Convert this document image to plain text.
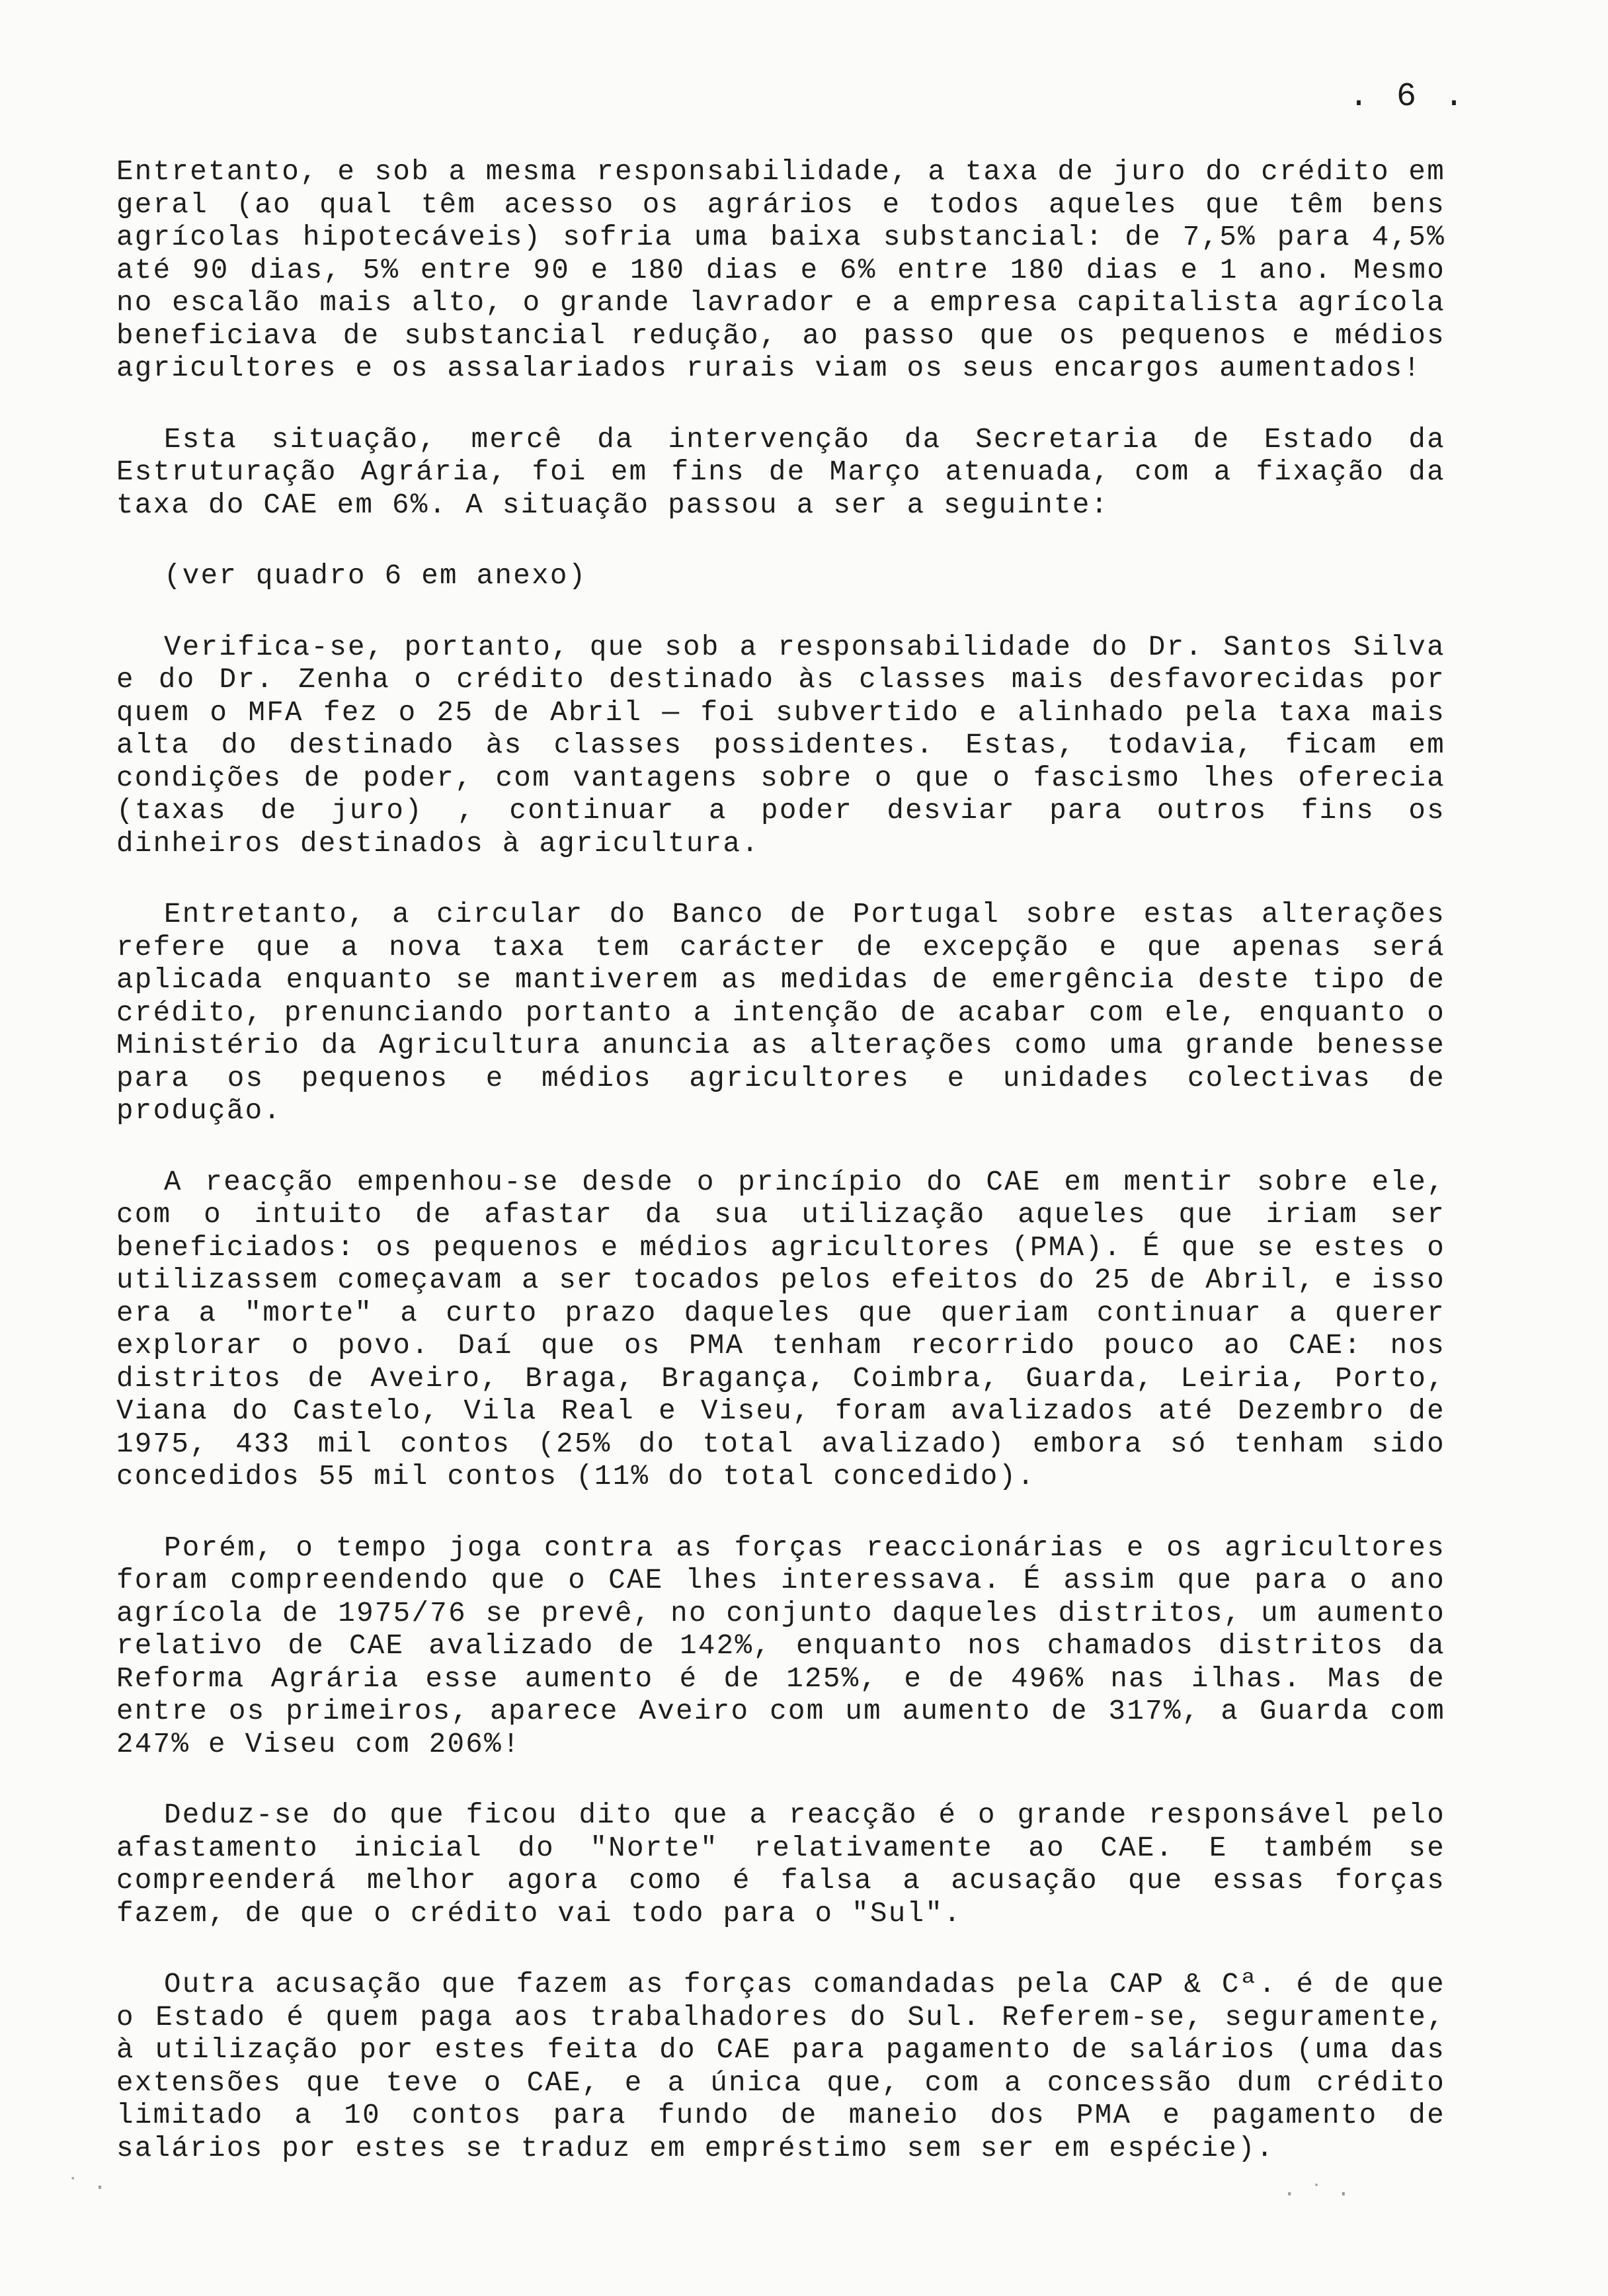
. 6 .

Entretanto, e sob a mesma responsabilidade, a taxa de juro do crédito em geral (ao qual têm acesso os agrários e todos aqueles que têm bens agrícolas hipotecáveis) sofria uma baixa substancial: de 7,5% para 4,5% até 90 dias, 5% entre 90 e 180 dias e 6% entre 180 dias e 1 ano. Mesmo no escalão mais alto, o grande lavrador e a empresa capitalista agrícola beneficiava de substancial redução, ao passo que os pequenos e médios agricultores e os assalariados rurais viam os seus encargos aumentados!

Esta situação, mercê da intervenção da Secretaria de Estado da Estruturação Agrária, foi em fins de Março atenuada, com a fixação da taxa do CAE em 6%. A situação passou a ser a seguinte:

(ver quadro 6 em anexo)

Verifica-se, portanto, que sob a responsabilidade do Dr. Santos Silva e do Dr. Zenha o crédito destinado às classes mais desfavorecidas por quem o MFA fez o 25 de Abril — foi subvertido e alinhado pela taxa mais alta do destinado às classes possidentes. Estas, todavia, ficam em condições de poder, com vantagens sobre o que o fascismo lhes oferecia (taxas de juro) , continuar a poder desviar para outros fins os dinheiros destinados à agricultura.

Entretanto, a circular do Banco de Portugal sobre estas alterações refere que a nova taxa tem carácter de excepção e que apenas será aplicada enquanto se mantiverem as medidas de emergência deste tipo de crédito, prenunciando portanto a intenção de acabar com ele, enquanto o Ministério da Agricultura anuncia as alterações como uma grande benesse para os pequenos e médios agricultores e unidades colectivas de produção.

A reacção empenhou-se desde o princípio do CAE em mentir sobre ele, com o intuito de afastar da sua utilização aqueles que iriam ser beneficiados: os pequenos e médios agricultores (PMA). É que se estes o utilizassem começavam a ser tocados pelos efeitos do 25 de Abril, e isso era a "morte" a curto prazo daqueles que queriam continuar a querer explorar o povo. Daí que os PMA tenham recorrido pouco ao CAE: nos distritos de Aveiro, Braga, Bragança, Coimbra, Guarda, Leiria, Porto, Viana do Castelo, Vila Real e Viseu, foram avalizados até Dezembro de 1975, 433 mil contos (25% do total avalizado) embora só tenham sido concedidos 55 mil contos (11% do total concedido).

Porém, o tempo joga contra as forças reaccionárias e os agricultores foram compreendendo que o CAE lhes interessava. É assim que para o ano agrícola de 1975/76 se prevê, no conjunto daqueles distritos, um aumento relativo de CAE avalizado de 142%, enquanto nos chamados distritos da Reforma Agrária esse aumento é de 125%, e de 496% nas ilhas. Mas de entre os primeiros, aparece Aveiro com um aumento de 317%, a Guarda com 247% e Viseu com 206%!

Deduz-se do que ficou dito que a reacção é o grande responsável pelo afastamento inicial do "Norte" relativamente ao CAE. E também se compreenderá melhor agora como é falsa a acusação que essas forças fazem, de que o crédito vai todo para o "Sul".

Outra acusação que fazem as forças comandadas pela CAP & Cª. é de que o Estado é quem paga aos trabalhadores do Sul. Referem-se, seguramente, à utilização por estes feita do CAE para pagamento de salários (uma das extensões que teve o CAE, e a única que, com a concessão dum crédito limitado a 10 contos para fundo de maneio dos PMA e pagamento de salários por estes se traduz em empréstimo sem ser em espécie).

˙ ·	· ˙ ·
